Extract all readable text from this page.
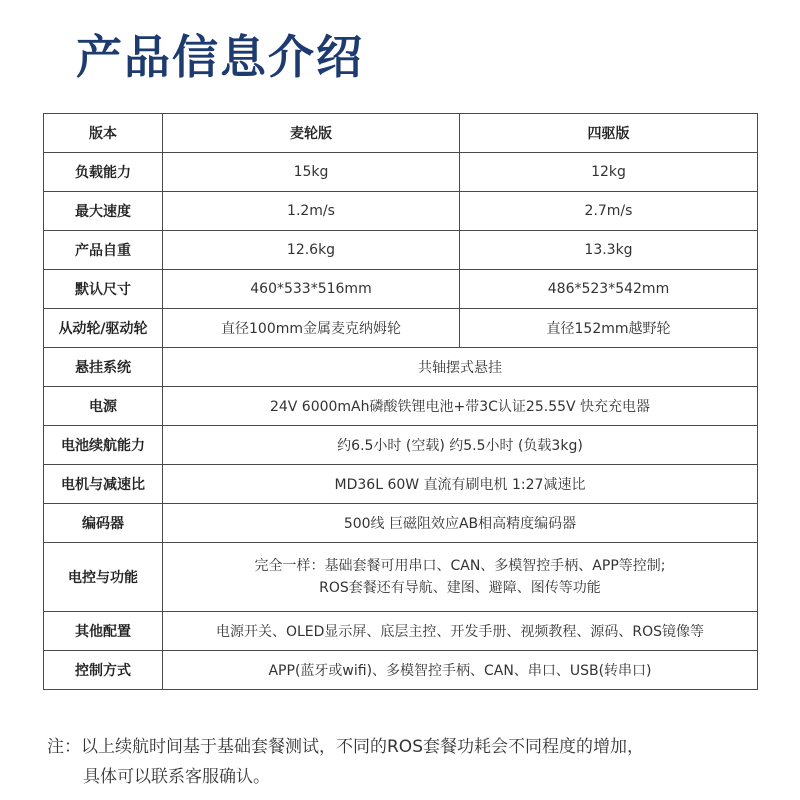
产品信息介绍
版本	麦轮版	四驱版
负载能力	15kg	12kg
最大速度	1.2m/s	2.7m/s
产品自重	12.6kg	13.3kg
默认尺寸	460*533*516mm	486*523*542mm
从动轮/驱动轮	直径100mm金属麦克纳姆轮	直径152mm越野轮
悬挂系统	共轴摆式悬挂	
电源	24V 6000mAh磷酸铁锂电池+带3C认证25.55V 快充充电器	
电池续航能力	约6.5小时 (空载) 约5.5小时 (负载3kg)	
电机与减速比	MD36L 60W 直流有刷电机 1:27减速比	
编码器	500线 巨磁阻效应AB相高精度编码器	
电控与功能	完全一样：基础套餐可用串口、CAN、多模智控手柄、APP等控制;
ROS套餐还有导航、建图、避障、图传等功能	

其他配置	电源开关、OLED显示屏、底层主控、开发手册、视频教程、源码、ROS镜像等	
控制方式	APP(蓝牙或wifi)、多模智控手柄、CAN、串口、USB(转串口)	
注：以上续航时间基于基础套餐测试，不同的ROS套餐功耗会不同程度的增加，
具体可以联系客服确认。
